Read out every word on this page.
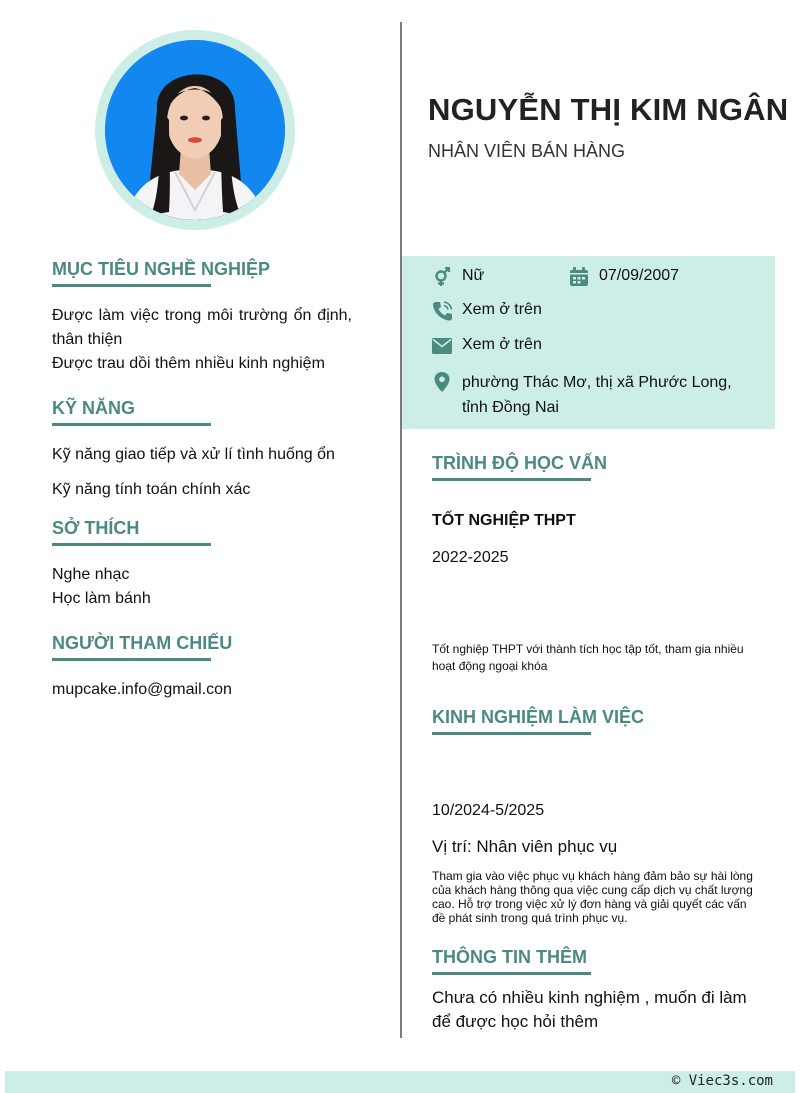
MỤC TIÊU NGHỀ NGHIỆP
Được làm việc trong môi trường ổn định, thân thiện
Được trau dồi thêm nhiều kinh nghiệm
KỸ NĂNG
Kỹ năng giao tiếp và xử lí tình huống ổn
Kỹ năng tính toán chính xác
SỞ THÍCH
Nghe nhạc
Học làm bánh
NGƯỜI THAM CHIẾU
mupcake.info@gmail.con
NGUYỄN THỊ KIM NGÂN
NHÂN VIÊN BÁN HÀNG
Nữ	07/09/2007
Xem ở trên
Xem ở trên
phường Thác Mơ, thị xã Phước Long,
tỉnh Đồng Nai
TRÌNH ĐỘ HỌC VẤN
TỐT NGHIỆP THPT
2022-2025
Tốt nghiệp THPT với thành tích học tập tốt, tham gia nhiều hoạt động ngoại khóa
KINH NGHIỆM LÀM VIỆC
10/2024-5/2025
Vị trí: Nhân viên phục vụ
Tham gia vào việc phục vụ khách hàng đảm bảo sự hài lòng của khách hàng thông qua việc cung cấp dịch vụ chất lượng cao. Hỗ trợ trong việc xử lý đơn hàng và giải quyết các vấn đề phát sinh trong quá trình phục vụ.
THÔNG TIN THÊM
Chưa có nhiều kinh nghiệm , muốn đi làm để được học hỏi thêm
© Viec3s.com
